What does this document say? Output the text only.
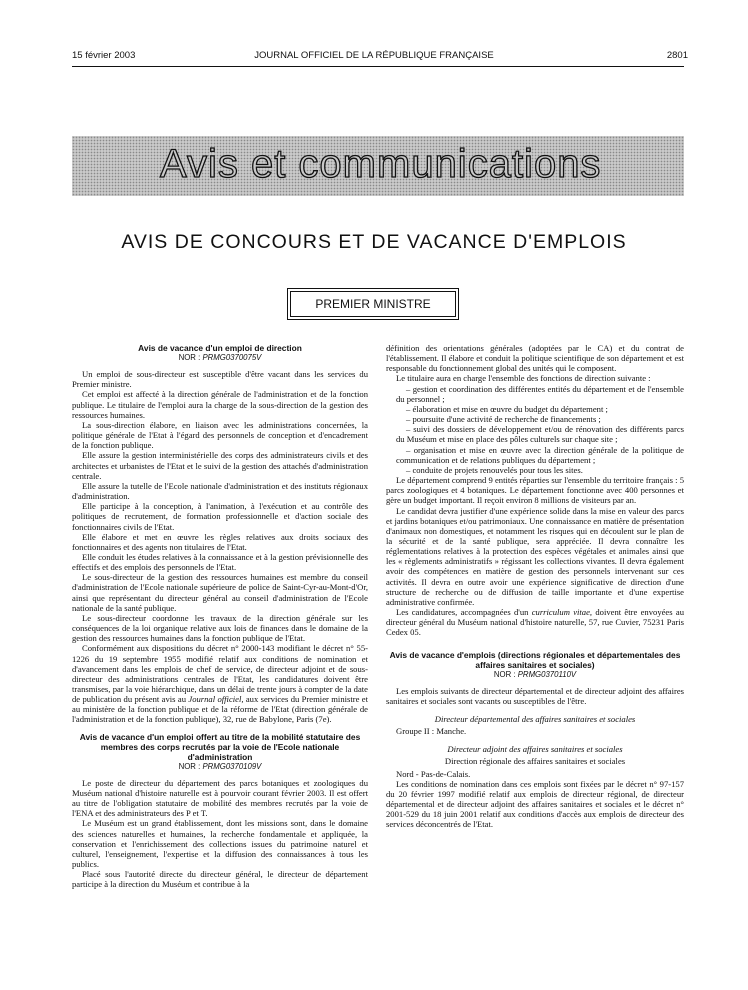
15 février 2003	JOURNAL OFFICIEL DE LA RÉPUBLIQUE FRANÇAISE	2801
Avis et communications
AVIS DE CONCOURS ET DE VACANCE D'EMPLOIS
PREMIER MINISTRE
Avis de vacance d'un emploi de direction
NOR : PRMG0370075V

Un emploi de sous-directeur est susceptible d'être vacant dans les services du Premier ministre.

Cet emploi est affecté à la direction générale de l'administration et de la fonction publique. Le titulaire de l'emploi aura la charge de la sous-direction de la gestion des ressources humaines.

La sous-direction élabore, en liaison avec les administrations concernées, la politique générale de l'Etat à l'égard des personnels de conception et d'encadrement de la fonction publique.

Elle assure la gestion interministérielle des corps des administrateurs civils et des architectes et urbanistes de l'Etat et le suivi de la gestion des attachés d'administration centrale.

Elle assure la tutelle de l'Ecole nationale d'administration et des instituts régionaux d'administration.

Elle participe à la conception, à l'animation, à l'exécution et au contrôle des politiques de recrutement, de formation professionnelle et d'action sociale des fonctionnaires civils de l'Etat.

Elle élabore et met en œuvre les règles relatives aux droits sociaux des fonctionnaires et des agents non titulaires de l'Etat.

Elle conduit les études relatives à la connaissance et à la gestion prévisionnelle des effectifs et des emplois des personnels de l'Etat.

Le sous-directeur de la gestion des ressources humaines est membre du conseil d'administration de l'Ecole nationale supérieure de police de Saint-Cyr-au-Mont-d'Or, ainsi que représentant du directeur général au conseil d'administration de l'Ecole nationale de la santé publique.

Le sous-directeur coordonne les travaux de la direction générale sur les conséquences de la loi organique relative aux lois de finances dans le domaine de la gestion des ressources humaines dans la fonction publique de l'Etat.

Conformément aux dispositions du décret n° 2000-143 modifiant le décret n° 55-1226 du 19 septembre 1955 modifié relatif aux conditions de nomination et d'avancement dans les emplois de chef de service, de directeur adjoint et de sous-directeur des administrations centrales de l'Etat, les candidatures doivent être transmises, par la voie hiérarchique, dans un délai de trente jours à compter de la date de publication du présent avis au Journal officiel, aux services du Premier ministre et au ministère de la fonction publique et de la réforme de l'Etat (direction générale de l'administration et de la fonction publique), 32, rue de Babylone, Paris (7e).

Avis de vacance d'un emploi offert au titre de la mobilité statutaire des membres des corps recrutés par la voie de l'Ecole nationale d'administration
NOR : PRMG0370109V

Le poste de directeur du département des parcs botaniques et zoologiques du Muséum national d'histoire naturelle est à pourvoir courant février 2003. Il est offert au titre de l'obligation statutaire de mobilité des membres recrutés par la voie de l'ENA et des administrateurs des P et T.

Le Muséum est un grand établissement, dont les missions sont, dans le domaine des sciences naturelles et humaines, la recherche fondamentale et appliquée, la conservation et l'enrichissement des collections issues du patrimoine naturel et culturel, l'enseignement, l'expertise et la diffusion des connaissances à tous les publics.

Placé sous l'autorité directe du directeur général, le directeur de département participe à la direction du Muséum et contribue à la

définition des orientations générales (adoptées par le CA) et du contrat de l'établissement. Il élabore et conduit la politique scientifique de son département et est responsable du fonctionnement global des unités qui le composent.

Le titulaire aura en charge l'ensemble des fonctions de direction suivante :

– gestion et coordination des différentes entités du département et de l'ensemble du personnel ;

– élaboration et mise en œuvre du budget du département ;

– poursuite d'une activité de recherche de financements ;

– suivi des dossiers de développement et/ou de rénovation des différents parcs du Muséum et mise en place des pôles culturels sur chaque site ;

– organisation et mise en œuvre avec la direction générale de la politique de communication et de relations publiques du département ;

– conduite de projets renouvelés pour tous les sites.

Le département comprend 9 entités réparties sur l'ensemble du territoire français : 5 parcs zoologiques et 4 botaniques. Le département fonctionne avec 400 personnes et gère un budget important. Il reçoit environ 8 millions de visiteurs par an.

Le candidat devra justifier d'une expérience solide dans la mise en valeur des parcs et jardins botaniques et/ou patrimoniaux. Une connaissance en matière de présentation d'animaux non domestiques, et notamment les risques qui en découlent sur le plan de la sécurité et de la santé publique, sera appréciée. Il devra connaître les réglementations relatives à la protection des espèces végétales et animales ainsi que les « règlements administratifs » régissant les collections vivantes. Il devra également avoir des compétences en matière de gestion des personnels intervenant sur ces activités. Il devra en outre avoir une expérience significative de direction d'une structure de recherche ou de diffusion de taille importante et d'une expertise administrative confirmée.

Les candidatures, accompagnées d'un curriculum vitae, doivent être envoyées au directeur général du Muséum national d'histoire naturelle, 57, rue Cuvier, 75231 Paris Cedex 05.

Avis de vacance d'emplois (directions régionales et départementales des affaires sanitaires et sociales)
NOR : PRMG0370110V

Les emplois suivants de directeur départemental et de directeur adjoint des affaires sanitaires et sociales sont vacants ou susceptibles de l'être.

Directeur départemental des affaires sanitaires et sociales

Groupe II : Manche.

Directeur adjoint des affaires sanitaires et sociales
Direction régionale des affaires sanitaires et sociales

Nord - Pas-de-Calais.

Les conditions de nomination dans ces emplois sont fixées par le décret n° 97-157 du 20 février 1997 modifié relatif aux emplois de directeur régional, de directeur départemental et de directeur adjoint des affaires sanitaires et sociales et le décret n° 2001-529 du 18 juin 2001 relatif aux conditions d'accès aux emplois de directeur des services déconcentrés de l'Etat.
